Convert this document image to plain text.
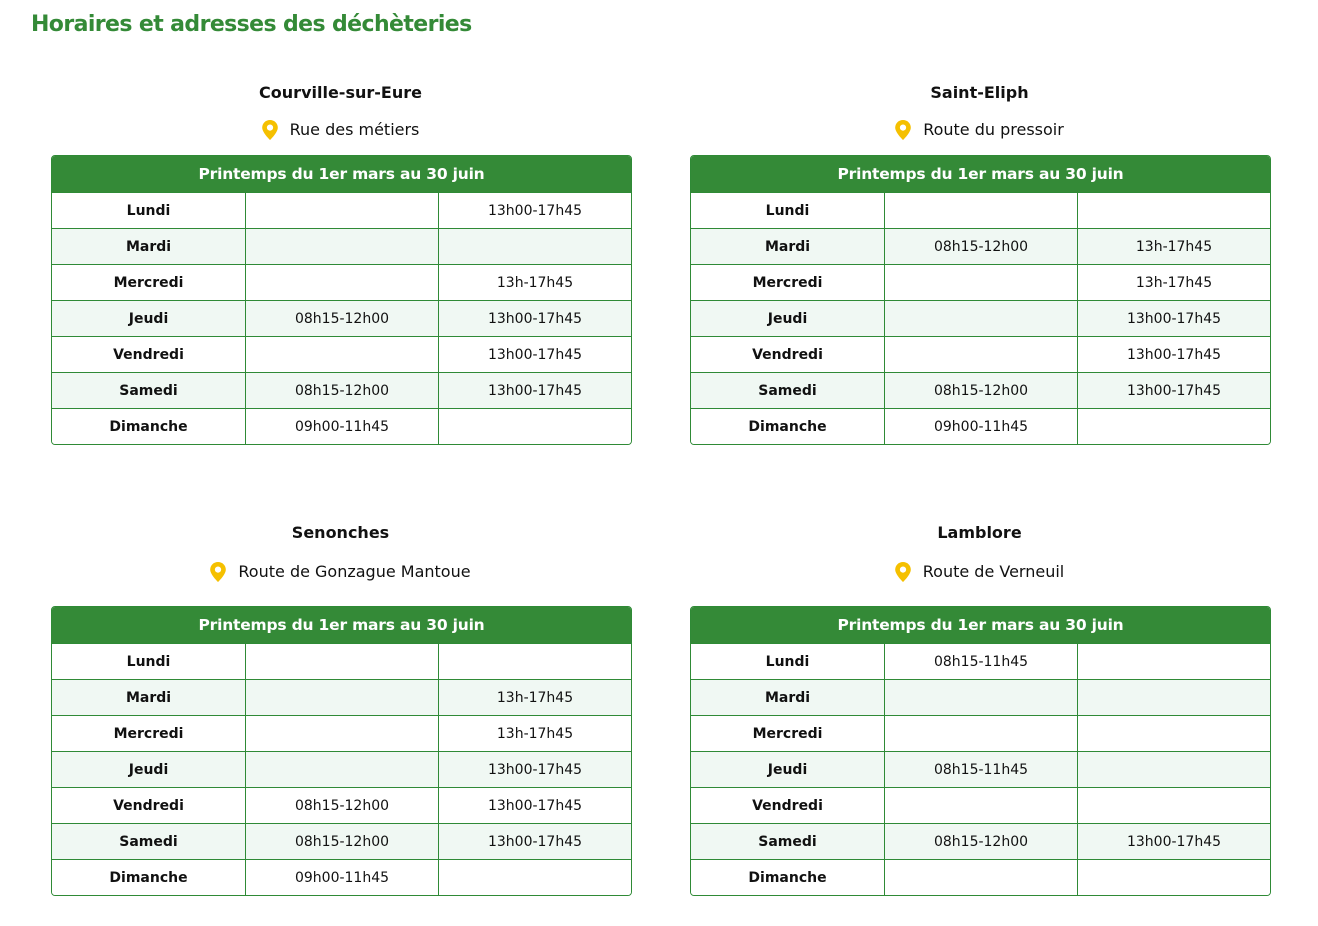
Horaires et adresses des déchèteries
Courville-sur-Eure
Rue des métiers
Printemps du 1er mars au 30 juin		
Lundi		13h00-17h45
Mardi		
Mercredi		13h-17h45
Jeudi	08h15-12h00	13h00-17h45
Vendredi		13h00-17h45
Samedi	08h15-12h00	13h00-17h45
Dimanche	09h00-11h45	
Saint-Eliph
Route du pressoir
Printemps du 1er mars au 30 juin		
Lundi		
Mardi	08h15-12h00	13h-17h45
Mercredi		13h-17h45
Jeudi		13h00-17h45
Vendredi		13h00-17h45
Samedi	08h15-12h00	13h00-17h45
Dimanche	09h00-11h45	
Senonches
Route de Gonzague Mantoue
Printemps du 1er mars au 30 juin		
Lundi		
Mardi		13h-17h45
Mercredi		13h-17h45
Jeudi		13h00-17h45
Vendredi	08h15-12h00	13h00-17h45
Samedi	08h15-12h00	13h00-17h45
Dimanche	09h00-11h45	
Lamblore
Route de Verneuil
Printemps du 1er mars au 30 juin		
Lundi	08h15-11h45	
Mardi		
Mercredi		
Jeudi	08h15-11h45	
Vendredi		
Samedi	08h15-12h00	13h00-17h45
Dimanche		
